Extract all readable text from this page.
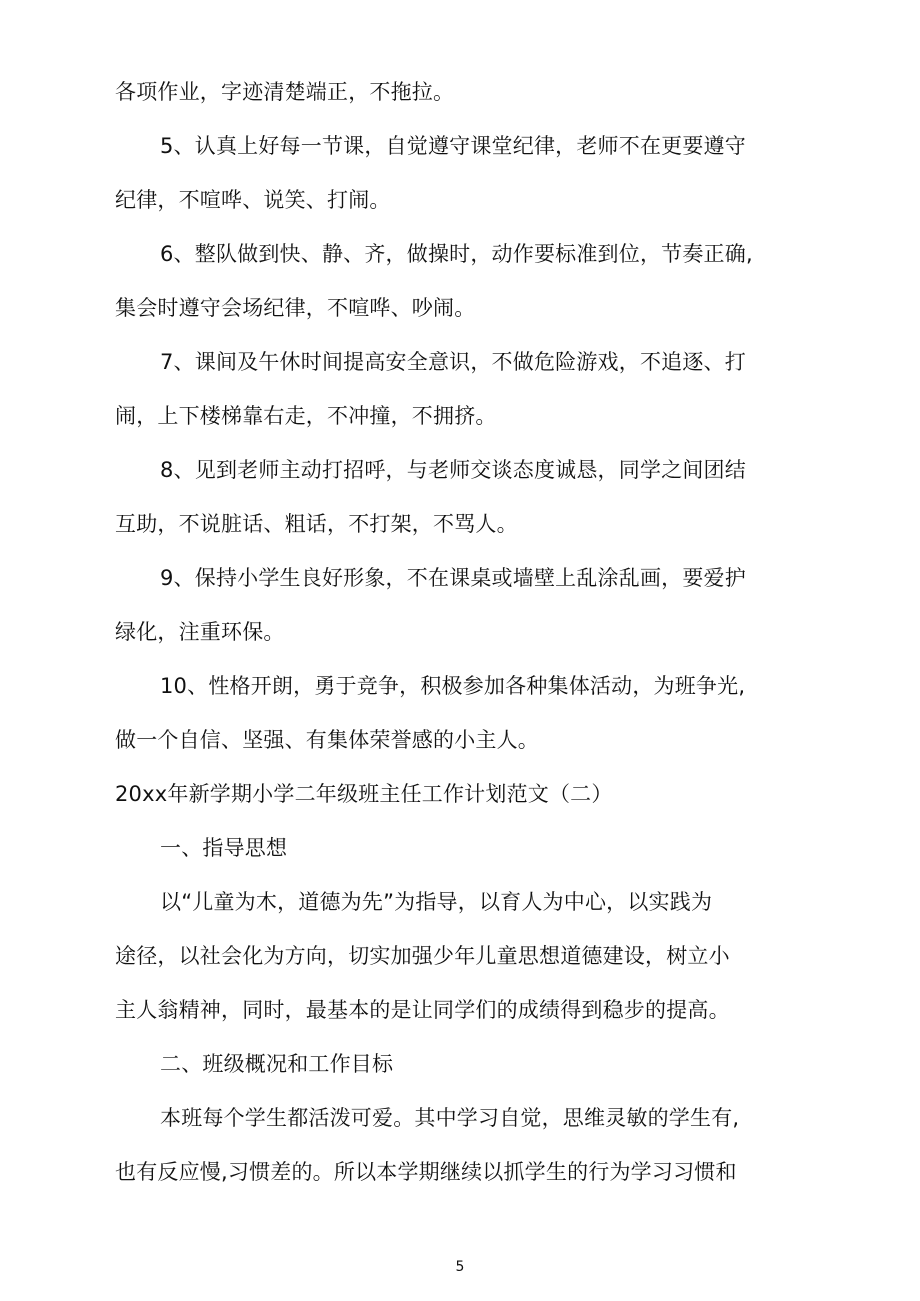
各项作业，字迹清楚端正，不拖拉。
5、认真上好每一节课，自觉遵守课堂纪律，老师不在更要遵守
纪律，不喧哗、说笑、打闹。
6、整队做到快、静、齐，做操时，动作要标准到位，节奏正确,
集会时遵守会场纪律，不喧哗、吵闹。
7、课间及午休时间提高安全意识，不做危险游戏，不追逐、打
闹，上下楼梯靠右走，不冲撞，不拥挤。
8、见到老师主动打招呼，与老师交谈态度诚恳，同学之间团结
互助，不说脏话、粗话，不打架，不骂人。
9、保持小学生良好形象，不在课桌或墙壁上乱涂乱画，要爱护
绿化，注重环保。
10、性格开朗，勇于竞争，积极参加各种集体活动，为班争光,
做一个自信、坚强、有集体荣誉感的小主人。
20xx年新学期小学二年级班主任工作计划范文（二）
一、指导思想
以“儿童为木，道德为先”为指导，以育人为中心，以实践为
途径，以社会化为方向，切实加强少年儿童思想道德建设，树立小
主人翁精神，同时，最基本的是让同学们的成绩得到稳步的提高。
二、班级概况和工作目标
本班每个学生都活泼可爱。其中学习自觉，思维灵敏的学生有,
也有反应慢,习惯差的。所以本学期继续以抓学生的行为学习习惯和
5
